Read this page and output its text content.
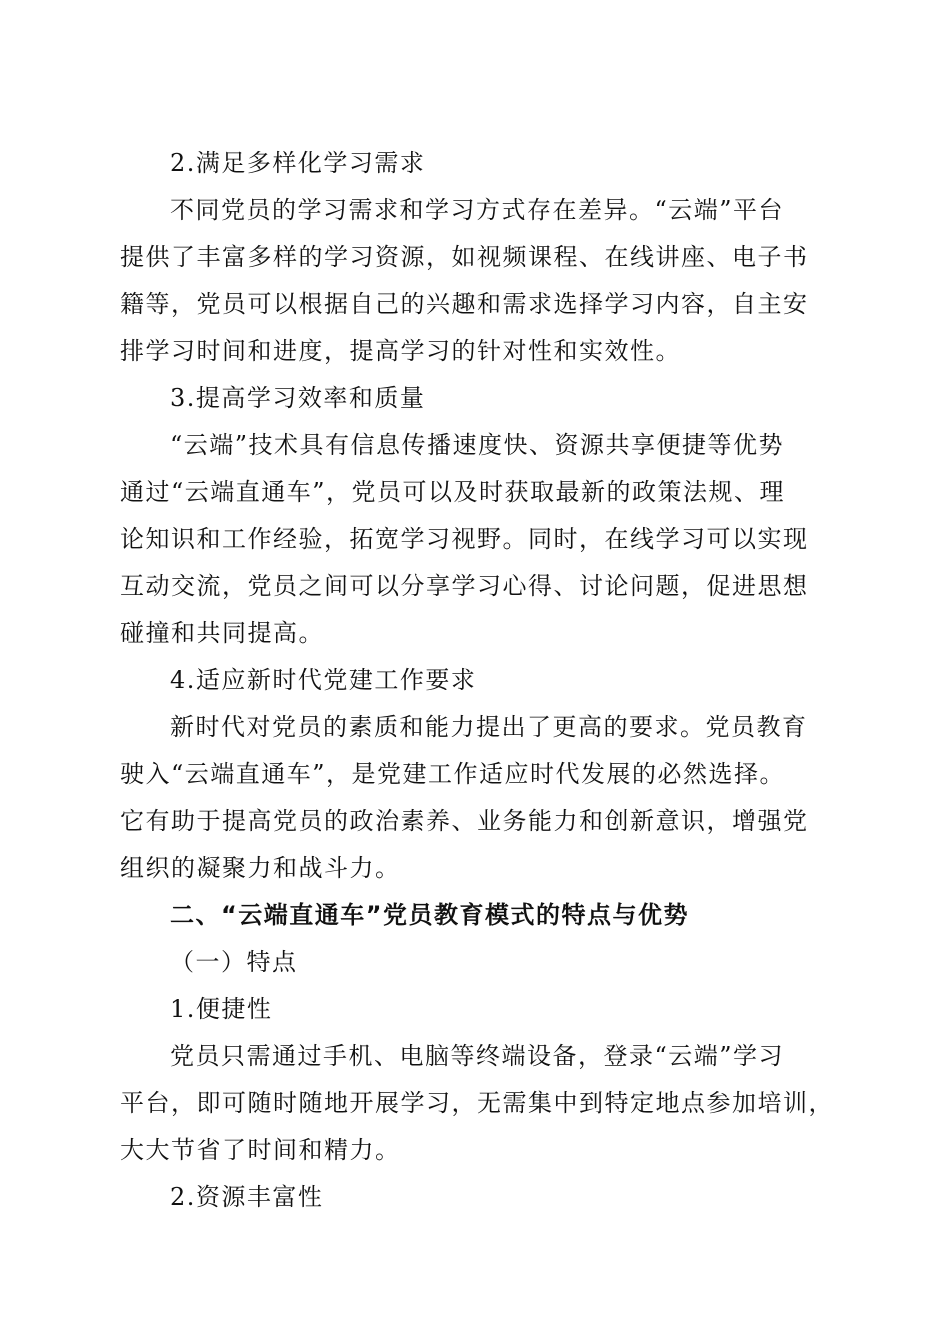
2.满足多样化学习需求
不同党员的学习需求和学习方式存在差异。“云端”平台
提供了丰富多样的学习资源，如视频课程、在线讲座、电子书
籍等，党员可以根据自己的兴趣和需求选择学习内容，自主安
排学习时间和进度，提高学习的针对性和实效性。
3.提高学习效率和质量
“云端”技术具有信息传播速度快、资源共享便捷等优势
通过“云端直通车”，党员可以及时获取最新的政策法规、理
论知识和工作经验，拓宽学习视野。同时，在线学习可以实现
互动交流，党员之间可以分享学习心得、讨论问题，促进思想
碰撞和共同提高。
4.适应新时代党建工作要求
新时代对党员的素质和能力提出了更高的要求。党员教育
驶入“云端直通车”，是党建工作适应时代发展的必然选择。
它有助于提高党员的政治素养、业务能力和创新意识，增强党
组织的凝聚力和战斗力。
二、“云端直通车”党员教育模式的特点与优势
（一）特点
1.便捷性
党员只需通过手机、电脑等终端设备，登录“云端”学习
平台，即可随时随地开展学习，无需集中到特定地点参加培训，
大大节省了时间和精力。
2.资源丰富性
